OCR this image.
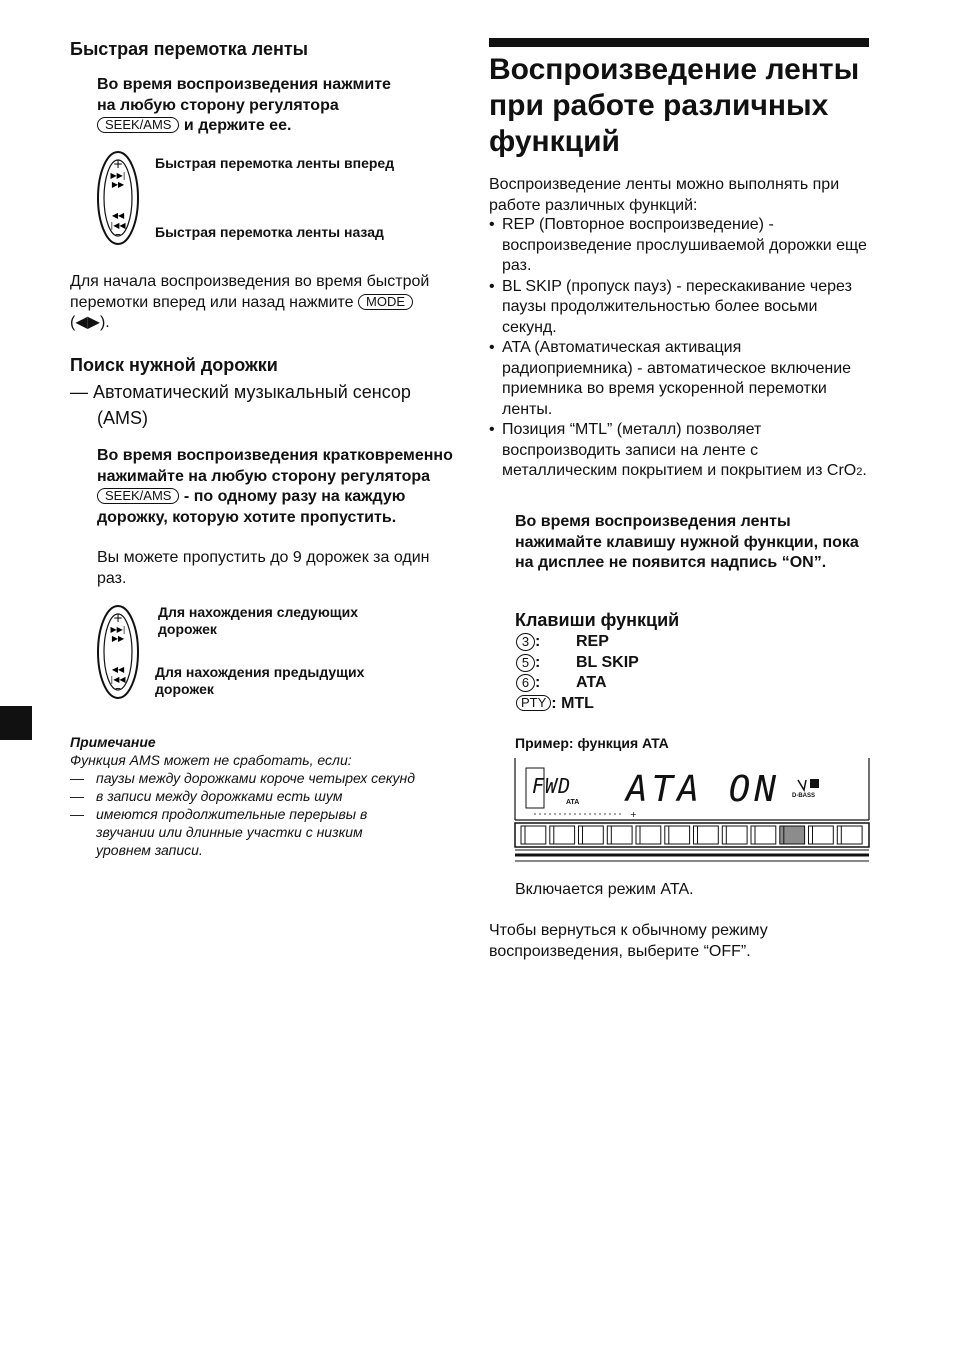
Быстрая перемотка ленты
Во время воспроизведения нажмите
на любую сторону регулятора
SEEK/AMS и держите ее.
+
▶▶|
▶▶
◀◀
|◀◀
–
Быстрая перемотка ленты вперед
Быстрая перемотка ленты назад
Для начала воспроизведения во время быстрой перемотки вперед или назад нажмите MODE (◀▶).
Поиск нужной дорожки
— Автоматический музыкальный сенсор (AMS)
Во время воспроизведения кратковременно нажимайте на любую сторону регулятора SEEK/AMS - по одному разу на каждую дорожку, которую хотите пропустить.
Вы можете пропустить до 9 дорожек за один раз.
+
▶▶|
▶▶
◀◀
|◀◀
–
Для нахождения следующих дорожек
Для нахождения предыдущих дорожек
Примечание
Функция AMS может не сработать, если:
— паузы между дорожками короче четырех секунд
— в записи между дорожками есть шум
— имеются продолжительные перерывы в звучании или длинные участки с низким уровнем записи.
Воспроизведение ленты при работе различных функций
Воспроизведение ленты можно выполнять при работе различных функций:
• REP (Повторное воспроизведение) - воспроизведение прослушиваемой дорожки еще раз.
• BL SKIP (пропуск пауз) - перескакивание через паузы продолжительностью более восьми секунд.
• ATA (Автоматическая активация радиоприемника) - автоматическое включение приемника во время ускоренной перемотки ленты.
• Позиция “MTL” (металл) позволяет воспроизводить записи на ленте с металлическим покрытием и покрытием из CrO2.
Во время воспроизведения ленты нажимайте клавишу нужной функции, пока на дисплее не появится надпись “ON”.
Клавиши функций
3 :	REP
5 :	BL SKIP
6 :	ATA
PTY : MTL	
Пример: функция ATA
+
FWD
ATA ATA ON D-BASS
Включается режим ATA.
Чтобы вернуться к обычному режиму воспроизведения, выберите “OFF”.
